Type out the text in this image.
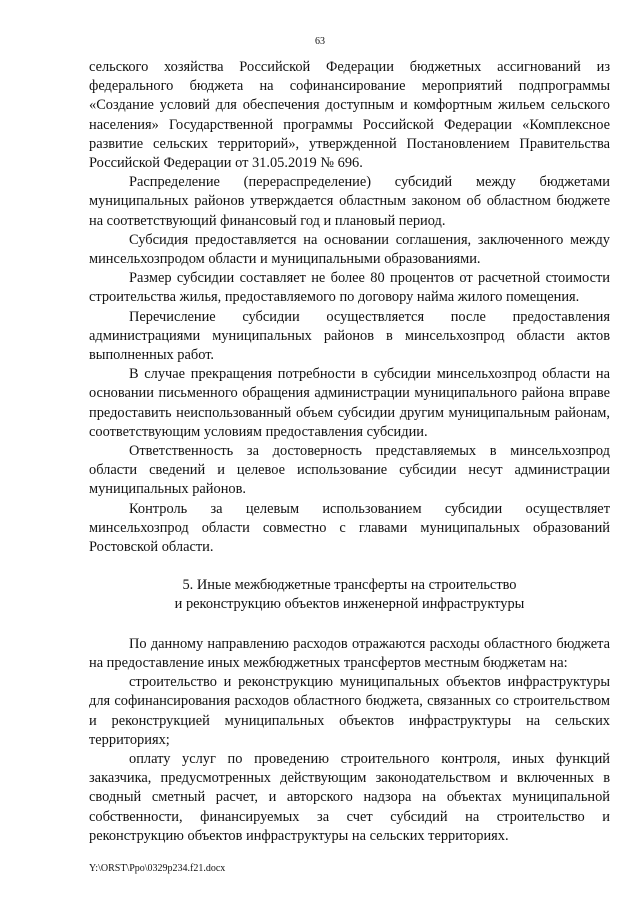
63

сельского хозяйства Российской Федерации бюджетных ассигнований из федерального бюджета на софинансирование мероприятий подпрограммы «Создание условий для обеспечения доступным и комфортным жильем сельского населения» Государственной программы Российской Федерации «Комплексное развитие сельских территорий», утвержденной Постановлением Правительства Российской Федерации от 31.05.2019 № 696.

Распределение (перераспределение) субсидий между бюджетами муниципальных районов утверждается областным законом об областном бюджете на соответствующий финансовый год и плановый период.

Субсидия предоставляется на основании соглашения, заключенного между минсельхозпродом области и муниципальными образованиями.

Размер субсидии составляет не более 80 процентов от расчетной стоимости строительства жилья, предоставляемого по договору найма жилого помещения.

Перечисление субсидии осуществляется после предоставления администрациями муниципальных районов в минсельхозпрод области актов выполненных работ.

В случае прекращения потребности в субсидии минсельхозпрод области на основании письменного обращения администрации муниципального района вправе предоставить неиспользованный объем субсидии другим муниципальным районам, соответствующим условиям предоставления субсидии.

Ответственность за достоверность представляемых в минсельхозпрод области сведений и целевое использование субсидии несут администрации муниципальных районов.

Контроль за целевым использованием субсидии осуществляет минсельхозпрод области совместно с главами муниципальных образований Ростовской области.

5. Иные межбюджетные трансферты на строительство
и реконструкцию объектов инженерной инфраструктуры

По данному направлению расходов отражаются расходы областного бюджета на предоставление иных межбюджетных трансфертов местным бюджетам на:

строительство и реконструкцию муниципальных объектов инфраструктуры для софинансирования расходов областного бюджета, связанных со строительством и реконструкцией муниципальных объектов инфраструктуры на сельских территориях;

оплату услуг по проведению строительного контроля, иных функций заказчика, предусмотренных действующим законодательством и включенных в сводный сметный расчет, и авторского надзора на объектах муниципальной собственности, финансируемых за счет субсидий на строительство и реконструкцию объектов инфраструктуры на сельских территориях.

Y:\ORST\Ppo\0329p234.f21.docx
